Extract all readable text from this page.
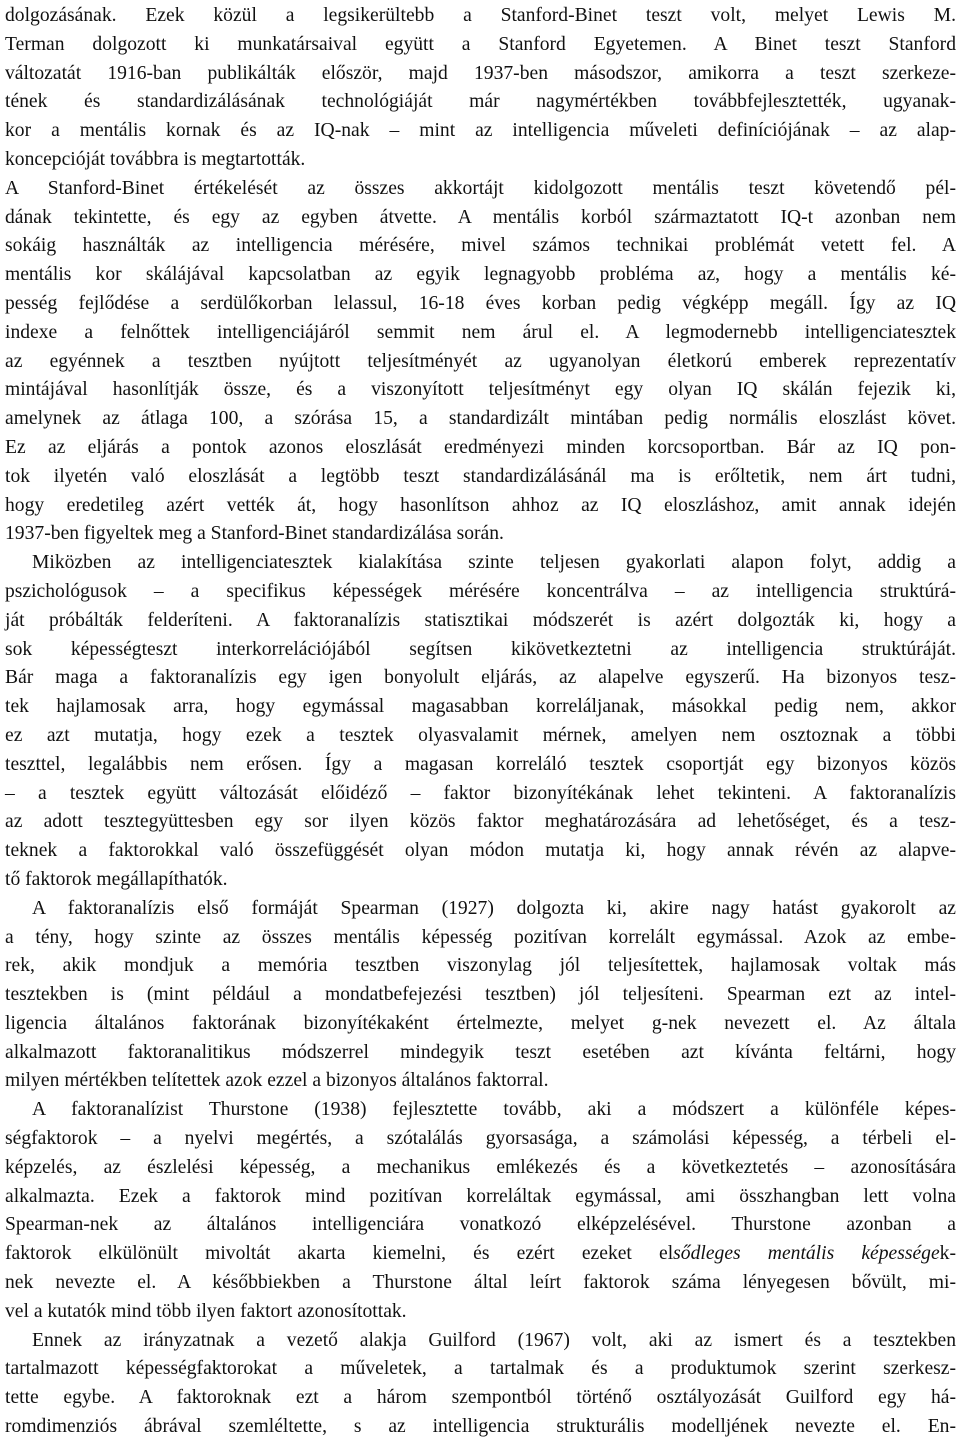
dolgozásának. Ezek közül a legsikerültebb a Stanford-Binet teszt volt, melyet Lewis M.
Terman dolgozott ki munkatársaival együtt a Stanford Egyetemen. A Binet teszt Stanford
változatát 1916-ban publikálták először, majd 1937-ben másodszor, amikorra a teszt szerkeze-
tének és standardizálásának technológiáját már nagymértékben továbbfejlesztették, ugyanak-
kor a mentális kornak és az IQ-nak – mint az intelligencia műveleti definíciójának – az alap-
koncepcióját továbbra is megtartották.
A Stanford-Binet értékelését az összes akkortájt kidolgozott mentális teszt követendő pél-
dának tekintette, és egy az egyben átvette. A mentális korból származtatott IQ-t azonban nem
sokáig használták az intelligencia mérésére, mivel számos technikai problémát vetett fel. A
mentális kor skálájával kapcsolatban az egyik legnagyobb probléma az, hogy a mentális ké-
pesség fejlődése a serdülőkorban lelassul, 16-18 éves korban pedig végképp megáll. Így az IQ
indexe a felnőttek intelligenciájáról semmit nem árul el. A legmodernebb intelligenciatesztek
az egyénnek a tesztben nyújtott teljesítményét az ugyanolyan életkorú emberek reprezentatív
mintájával hasonlítják össze, és a viszonyított teljesítményt egy olyan IQ skálán fejezik ki,
amelynek az átlaga 100, a szórása 15, a standardizált mintában pedig normális eloszlást követ.
Ez az eljárás a pontok azonos eloszlását eredményezi minden korcsoportban. Bár az IQ pon-
tok ilyetén való eloszlását a legtöbb teszt standardizálásánál ma is erőltetik, nem árt tudni,
hogy eredetileg azért vették át, hogy hasonlítson ahhoz az IQ eloszláshoz, amit annak idején
1937-ben figyeltek meg a Stanford-Binet standardizálása során.
Miközben az intelligenciatesztek kialakítása szinte teljesen gyakorlati alapon folyt, addig a
pszichológusok – a specifikus képességek mérésére koncentrálva – az intelligencia struktúrá-
ját próbálták felderíteni. A faktoranalízis statisztikai módszerét is azért dolgozták ki, hogy a
sok képességteszt interkorrelációjából segítsen kikövetkeztetni az intelligencia struktúráját.
Bár maga a faktoranalízis egy igen bonyolult eljárás, az alapelve egyszerű. Ha bizonyos tesz-
tek hajlamosak arra, hogy egymással magasabban korreláljanak, másokkal pedig nem, akkor
ez azt mutatja, hogy ezek a tesztek olyasvalamit mérnek, amelyen nem osztoznak a többi
teszttel, legalábbis nem erősen. Így a magasan korreláló tesztek csoportját egy bizonyos közös
– a tesztek együtt változását előidéző – faktor bizonyítékának lehet tekinteni. A faktoranalízis
az adott tesztegyüttesben egy sor ilyen közös faktor meghatározására ad lehetőséget, és a tesz-
teknek a faktorokkal való összefüggését olyan módon mutatja ki, hogy annak révén az alapve-
tő faktorok megállapíthatók.
A faktoranalízis első formáját Spearman (1927) dolgozta ki, akire nagy hatást gyakorolt az
a tény, hogy szinte az összes mentális képesség pozitívan korrelált egymással. Azok az embe-
rek, akik mondjuk a memória tesztben viszonylag jól teljesítettek, hajlamosak voltak más
tesztekben is (mint például a mondatbefejezési tesztben) jól teljesíteni. Spearman ezt az intel-
ligencia általános faktorának bizonyítékaként értelmezte, melyet g-nek nevezett el. Az általa
alkalmazott faktoranalitikus módszerrel mindegyik teszt esetében azt kívánta feltárni, hogy
milyen mértékben telítettek azok ezzel a bizonyos általános faktorral.
A faktoranalízist Thurstone (1938) fejlesztette tovább, aki a módszert a különféle képes-
ségfaktorok – a nyelvi megértés, a szótalálás gyorsasága, a számolási képesség, a térbeli el-
képzelés, az észlelési képesség, a mechanikus emlékezés és a következtetés – azonosítására
alkalmazta. Ezek a faktorok mind pozitívan korreláltak egymással, ami összhangban lett volna
Spearman-nek az általános intelligenciára vonatkozó elképzelésével. Thurstone azonban a
faktorok elkülönült mivoltát akarta kiemelni, és ezért ezeket elsődleges mentális képességek-
nek nevezte el. A későbbiekben a Thurstone által leírt faktorok száma lényegesen bővült, mi-
vel a kutatók mind több ilyen faktort azonosítottak.
Ennek az irányzatnak a vezető alakja Guilford (1967) volt, aki az ismert és a tesztekben
tartalmazott képességfaktorokat a műveletek, a tartalmak és a produktumok szerint szerkesz-
tette egybe. A faktoroknak ezt a három szempontból történő osztályozását Guilford egy há-
romdimenziós ábrával szemléltette, s az intelligencia strukturális modelljének nevezte el. En-
